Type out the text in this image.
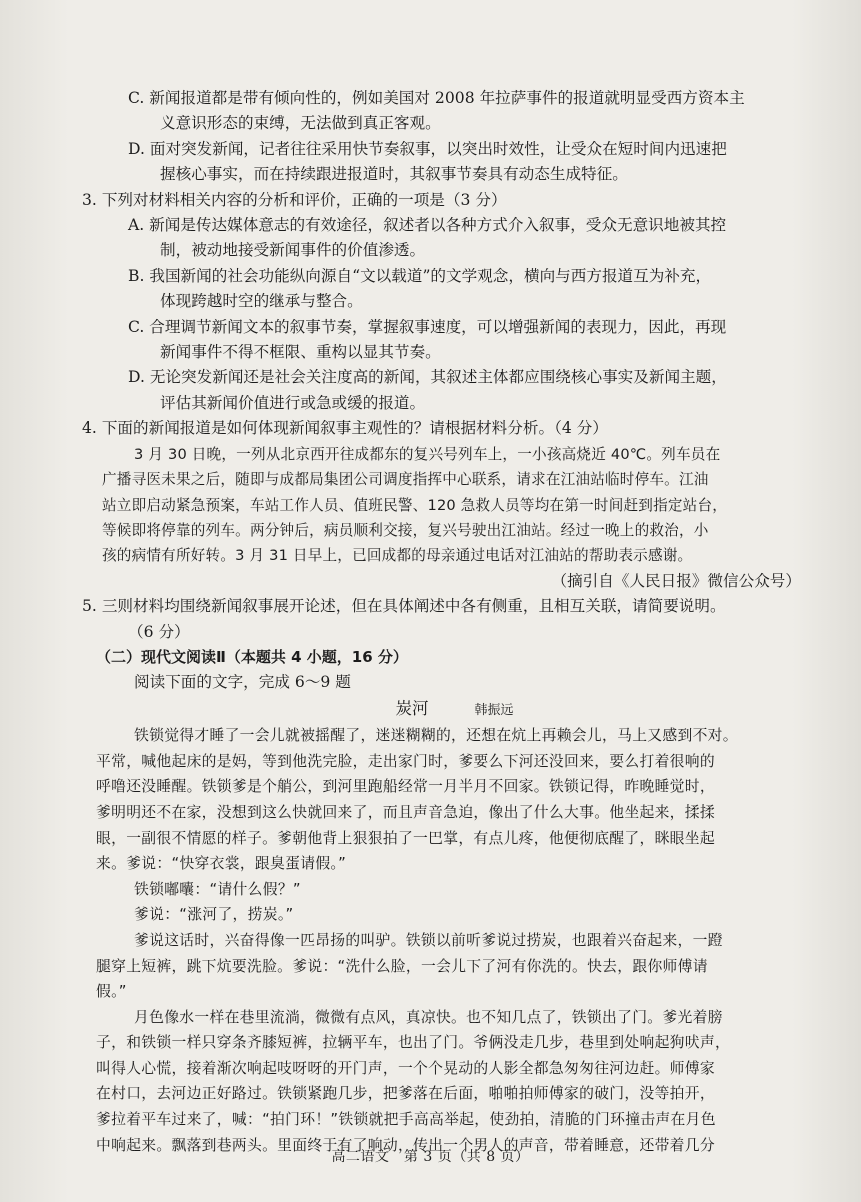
C. 新闻报道都是带有倾向性的，例如美国对 2008 年拉萨事件的报道就明显受西方资本主

义意识形态的束缚，无法做到真正客观。

D. 面对突发新闻，记者往往采用快节奏叙事，以突出时效性，让受众在短时间内迅速把

握核心事实，而在持续跟进报道时，其叙事节奏具有动态生成特征。

3. 下列对材料相关内容的分析和评价，正确的一项是（3 分）

A. 新闻是传达媒体意志的有效途径，叙述者以各种方式介入叙事，受众无意识地被其控

制，被动地接受新闻事件的价值渗透。

B. 我国新闻的社会功能纵向源自“文以载道”的文学观念，横向与西方报道互为补充，

体现跨越时空的继承与整合。

C. 合理调节新闻文本的叙事节奏，掌握叙事速度，可以增强新闻的表现力，因此，再现

新闻事件不得不框限、重构以显其节奏。

D. 无论突发新闻还是社会关注度高的新闻，其叙述主体都应围绕核心事实及新闻主题，

评估其新闻价值进行或急或缓的报道。

4. 下面的新闻报道是如何体现新闻叙事主观性的？请根据材料分析。（4 分）

3 月 30 日晚，一列从北京西开往成都东的复兴号列车上，一小孩高烧近 40℃。列车员在

广播寻医未果之后，随即与成都局集团公司调度指挥中心联系，请求在江油站临时停车。江油

站立即启动紧急预案，车站工作人员、值班民警、120 急救人员等均在第一时间赶到指定站台，

等候即将停靠的列车。两分钟后，病员顺利交接，复兴号驶出江油站。经过一晚上的救治，小

孩的病情有所好转。3 月 31 日早上，已回成都的母亲通过电话对江油站的帮助表示感谢。

（摘引自《人民日报》微信公众号）

5. 三则材料均围绕新闻叙事展开论述，但在具体阐述中各有侧重，且相互关联，请简要说明。

（6 分）

（二）现代文阅读Ⅱ（本题共 4 小题，16 分）

阅读下面的文字，完成 6～9 题

炭河	韩振远

铁锁觉得才睡了一会儿就被摇醒了，迷迷糊糊的，还想在炕上再赖会儿，马上又感到不对。

平常，喊他起床的是妈，等到他洗完脸，走出家门时，爹要么下河还没回来，要么打着很响的

呼噜还没睡醒。铁锁爹是个艄公，到河里跑船经常一月半月不回家。铁锁记得，昨晚睡觉时，

爹明明还不在家，没想到这么快就回来了，而且声音急迫，像出了什么大事。他坐起来，揉揉

眼，一副很不情愿的样子。爹朝他背上狠狠拍了一巴掌，有点儿疼，他便彻底醒了，眯眼坐起

来。爹说：“快穿衣裳，跟臭蛋请假。”

铁锁嘟囔：“请什么假？”

爹说：“涨河了，捞炭。”

爹说这话时，兴奋得像一匹昂扬的叫驴。铁锁以前听爹说过捞炭，也跟着兴奋起来，一蹬

腿穿上短裤，跳下炕要洗脸。爹说：“洗什么脸，一会儿下了河有你洗的。快去，跟你师傅请

假。”

月色像水一样在巷里流淌，微微有点风，真凉快。也不知几点了，铁锁出了门。爹光着膀

子，和铁锁一样只穿条齐膝短裤，拉辆平车，也出了门。爷俩没走几步，巷里到处响起狗吠声，

叫得人心慌，接着渐次响起吱呀呀的开门声，一个个晃动的人影全都急匆匆往河边赶。师傅家

在村口，去河边正好路过。铁锁紧跑几步，把爹落在后面，啪啪拍师傅家的破门，没等拍开，

爹拉着平车过来了，喊：“拍门环！”铁锁就把手高高举起，使劲拍，清脆的门环撞击声在月色

中响起来。飘落到巷两头。里面终于有了响动，传出一个男人的声音，带着睡意，还带着几分

高二语文　第 3 页（共 8 页）
